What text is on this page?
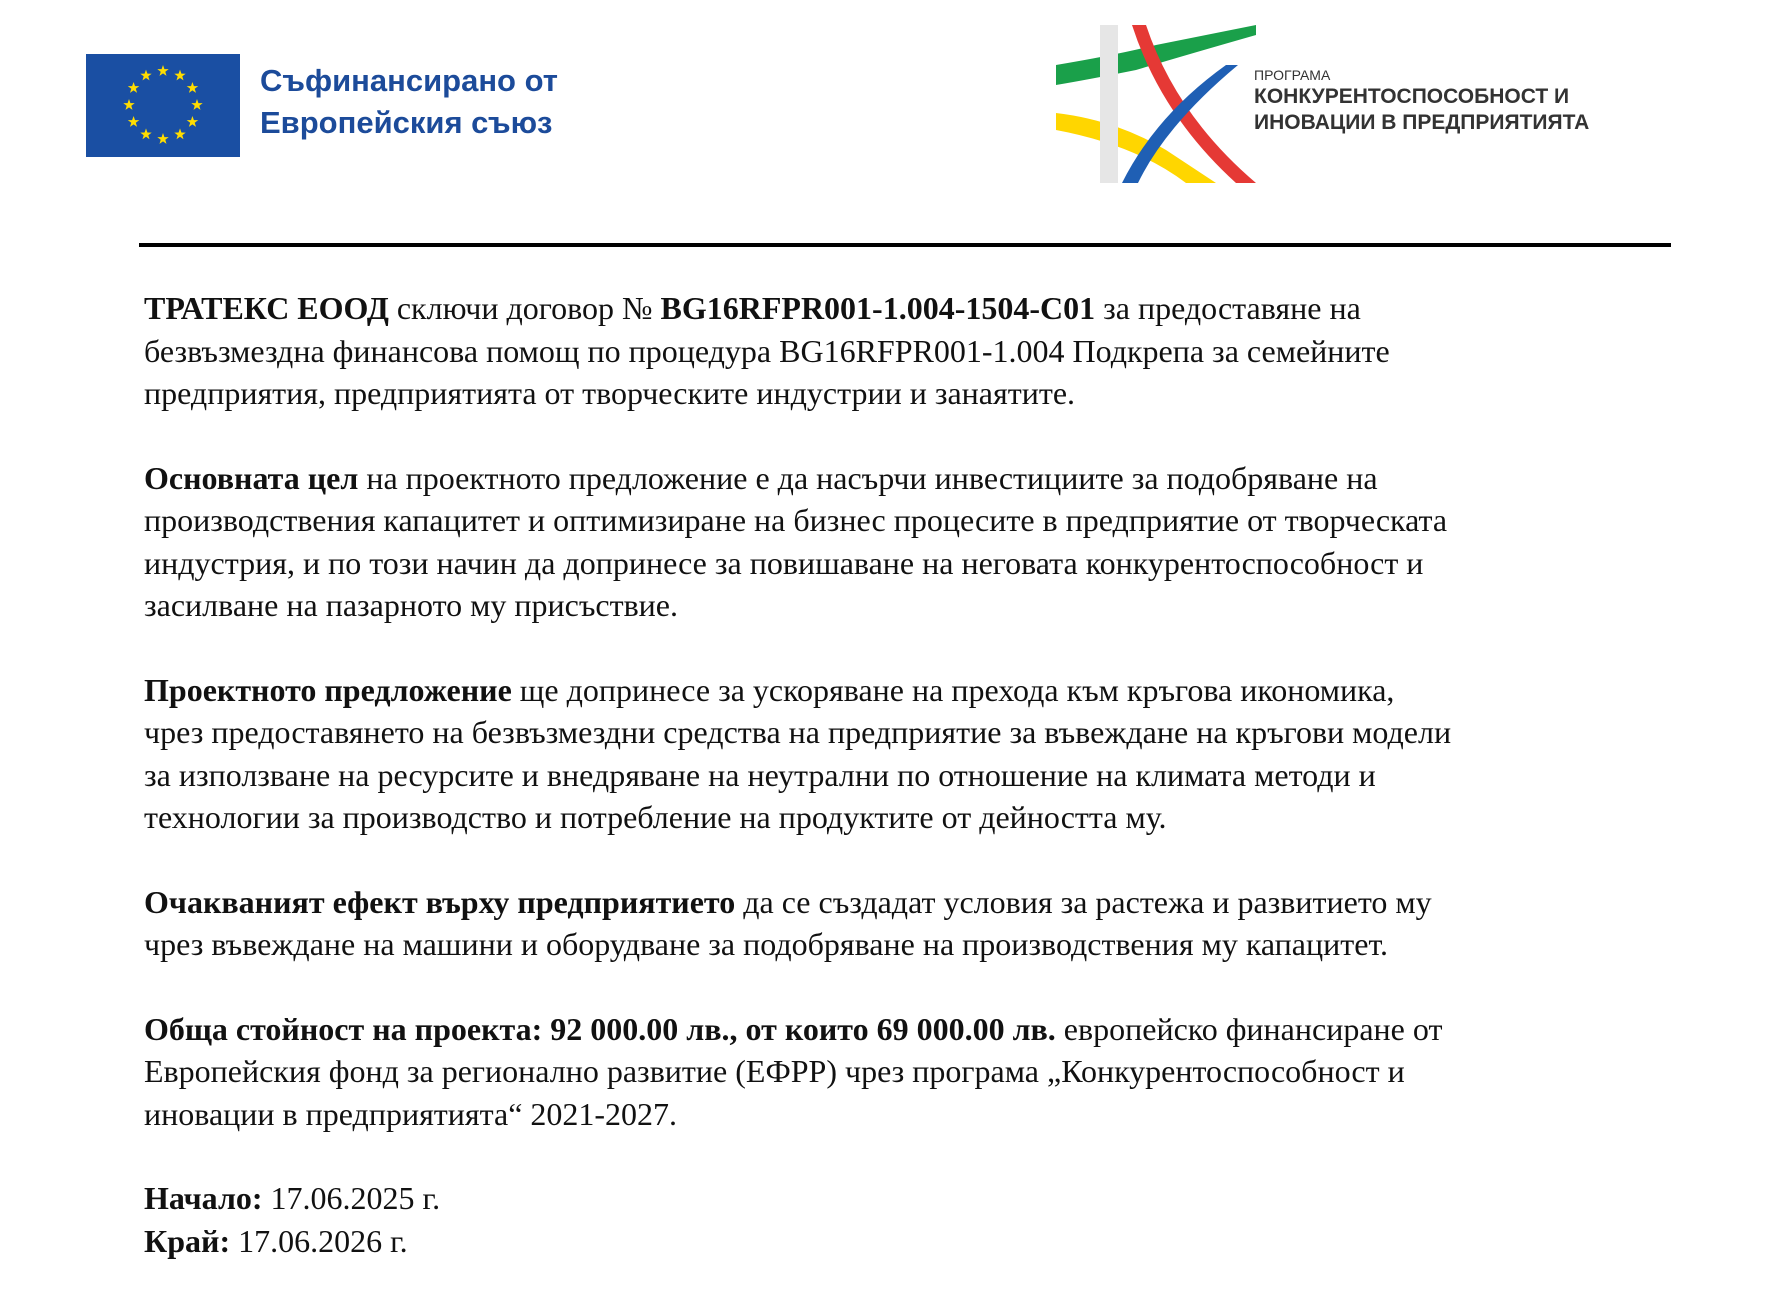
Съфинансирано от
Европейския съюз
ПРОГРАМА
КОНКУРЕНТОСПОСОБНОСТ И
ИНОВАЦИИ В ПРЕДПРИЯТИЯТА

ТРАТЕКС ЕООД сключи договор № BG16RFPR001-1.004-1504-C01 за предоставяне на
безвъзмездна финансова помощ по процедура BG16RFPR001-1.004 Подкрепа за семейните
предприятия, предприятията от творческите индустрии и занаятите.

Основната цел на проектното предложение е да насърчи инвестициите за подобряване на
производствения капацитет и оптимизиране на бизнес процесите в предприятие от творческата
индустрия, и по този начин да допринесе за повишаване на неговата конкурентоспособност и
засилване на пазарното му присъствие.

Проектното предложение ще допринесе за ускоряване на прехода към кръгова икономика,
чрез предоставянето на безвъзмездни средства на предприятие за въвеждане на кръгови модели
за използване на ресурсите и внедряване на неутрални по отношение на климата методи и
технологии за производство и потребление на продуктите от дейността му.

Очакваният ефект върху предприятието да се създадат условия за растежа и развитието му
чрез въвеждане на машини и оборудване за подобряване на производствения му капацитет.

Обща стойност на проекта: 92 000.00 лв., от които 69 000.00 лв. европейско финансиране от
Европейския фонд за регионално развитие (ЕФРР) чрез програма „Конкурентоспособност и
иновации в предприятията“ 2021-2027.

Начало: 17.06.2025 г.
Край: 17.06.2026 г.
